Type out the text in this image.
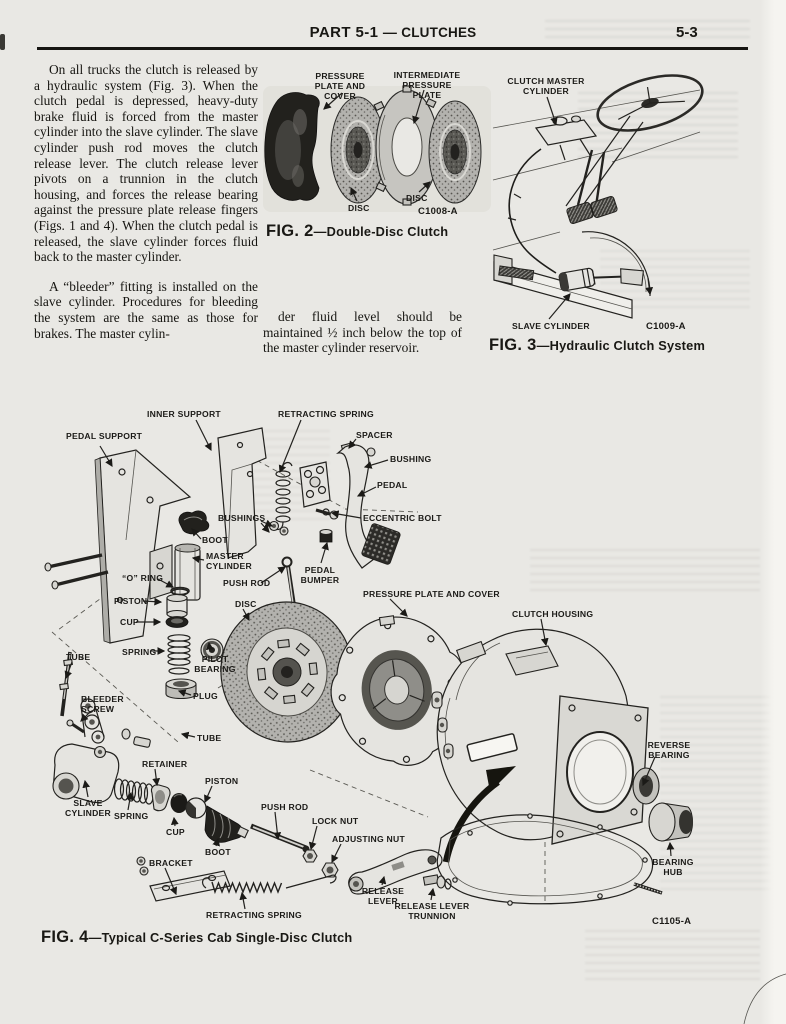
PART 5-1 — CLUTCHES	5-3

On all trucks the clutch is released by a hydraulic system (Fig. 3). When the clutch pedal is depressed, heavy-duty brake fluid is forced from the master cylinder into the slave cylinder. The slave cylinder push rod moves the clutch release lever. The clutch release lever pivots on a trunnion in the clutch housing, and forces the release bearing against the pressure plate release fingers (Figs. 1 and 4). When the clutch pedal is released, the slave cylinder forces fluid back to the master cylinder.

A “bleeder” fitting is installed on the slave cylinder. Procedures for bleeding the system are the same as those for brakes. The master cylin-

der fluid level should be maintained ½ inch below the top of the master cylinder reservoir.

PRESSURE PLATE AND COVER
INTERMEDIATE PRESSURE PLATE
DISC
DISC
C1008-A
FIG. 2—Double-Disc Clutch
CLUTCH MASTER CYLINDER
SLAVE CYLINDER	C1009-A
FIG. 3—Hydraulic Clutch System
PEDAL SUPPORT
INNER SUPPORT	RETRACTING SPRING
SPACER
BUSHING
PEDAL
BUSHINGS	ECCENTRIC BOLT
BOOT
MASTER CYLINDER
“O” RING	PUSH ROD
PEDAL BUMPER
PISTON
CUP
SPRING
PILOT BEARING
PLUG
TUBE
BLEEDER SCREW
TUBE
RETAINER
PISTON
DISC
PRESSURE PLATE AND COVER
CLUTCH HOUSING
SLAVE CYLINDER SPRING
CUP
BOOT
PUSH ROD
LOCK NUT
ADJUSTING NUT
BRACKET
RETRACTING SPRING
RELEASE LEVER
RELEASE LEVER TRUNNION
REVERSE BEARING
BEARING HUB
C1105-A
FIG. 4—Typical C-Series Cab Single-Disc Clutch
